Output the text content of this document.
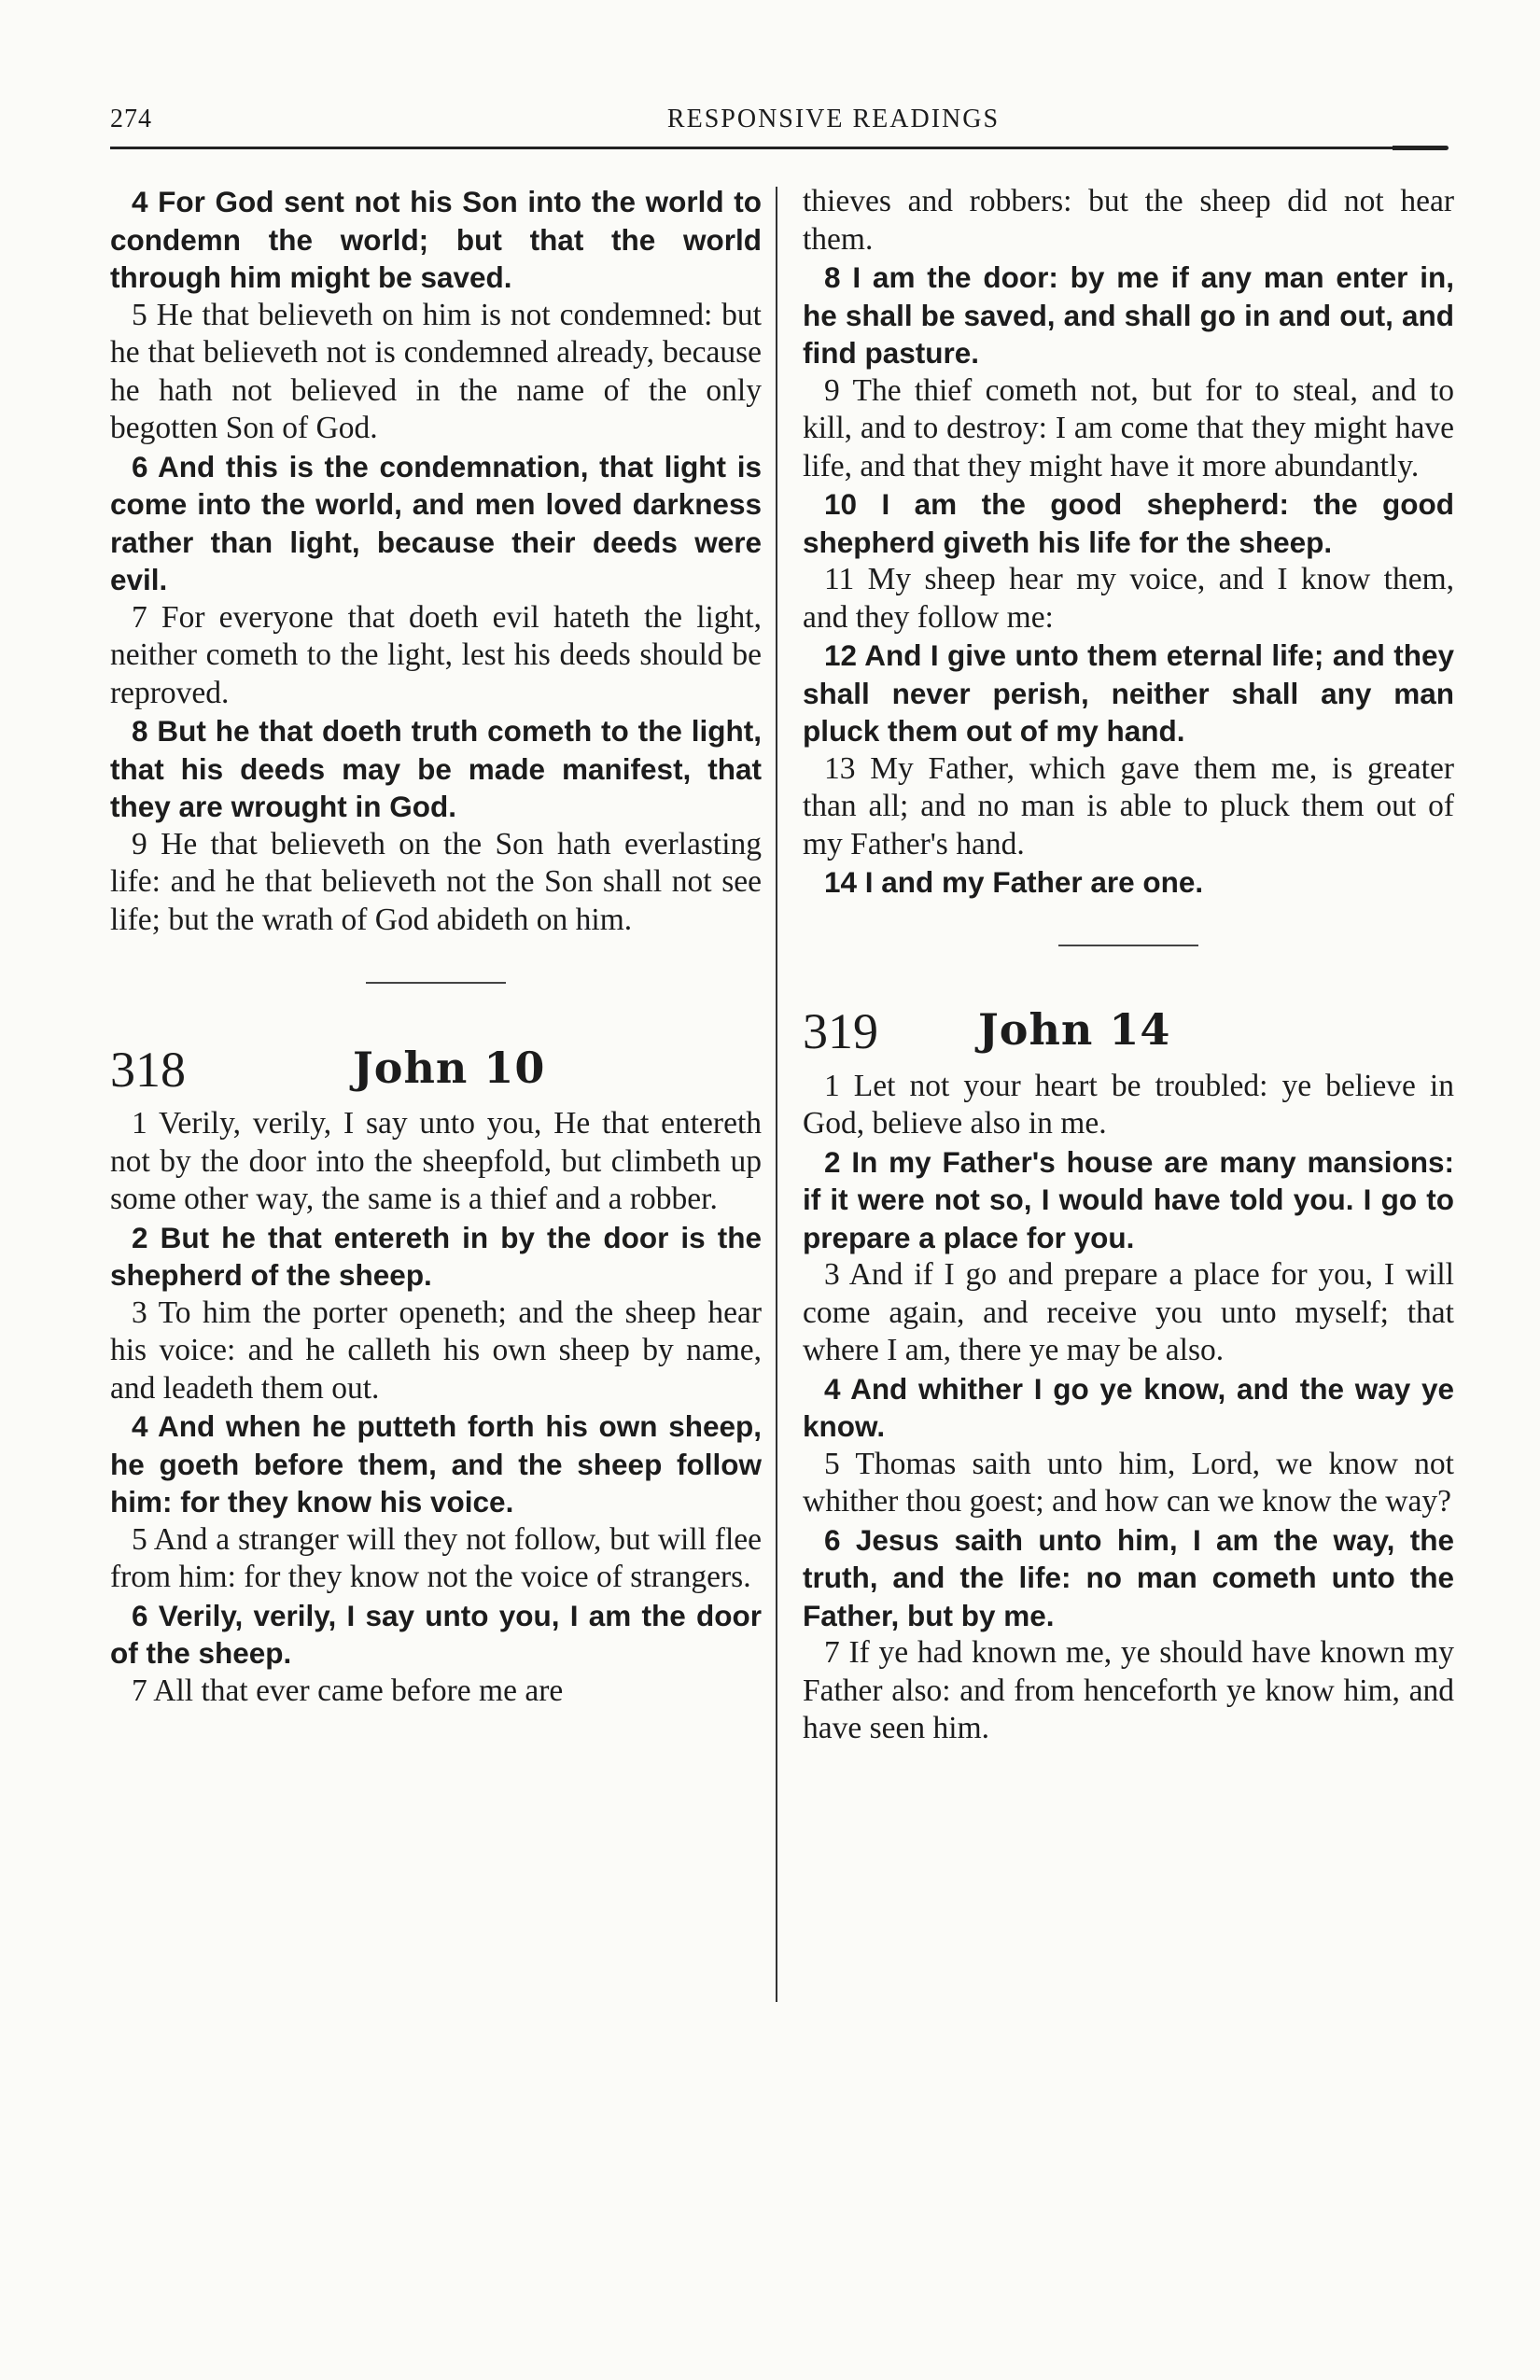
274	RESPONSIVE READINGS

4 For God sent not his Son into the world to condemn the world; but that the world through him might be saved.

5 He that believeth on him is not condemned: but he that believeth not is condemned already, because he hath not believed in the name of the only begotten Son of God.

6 And this is the condemnation, that light is come into the world, and men loved darkness rather than light, because their deeds were evil.

7 For everyone that doeth evil hateth the light, neither cometh to the light, lest his deeds should be reproved.

8 But he that doeth truth cometh to the light, that his deeds may be made manifest, that they are wrought in God.

9 He that believeth on the Son hath everlasting life: and he that believeth not the Son shall not see life; but the wrath of God abideth on him.

318	John 10

1 Verily, verily, I say unto you, He that entereth not by the door into the sheepfold, but climbeth up some other way, the same is a thief and a robber.

2 But he that entereth in by the door is the shepherd of the sheep.

3 To him the porter openeth; and the sheep hear his voice: and he calleth his own sheep by name, and leadeth them out.

4 And when he putteth forth his own sheep, he goeth before them, and the sheep follow him: for they know his voice.

5 And a stranger will they not follow, but will flee from him: for they know not the voice of strangers.

6 Verily, verily, I say unto you, I am the door of the sheep.

7 All that ever came before me are

thieves and robbers: but the sheep did not hear them.

8 I am the door: by me if any man enter in, he shall be saved, and shall go in and out, and find pasture.

9 The thief cometh not, but for to steal, and to kill, and to destroy: I am come that they might have life, and that they might have it more abundantly.

10 I am the good shepherd: the good shepherd giveth his life for the sheep.

11 My sheep hear my voice, and I know them, and they follow me:

12 And I give unto them eternal life; and they shall never perish, neither shall any man pluck them out of my hand.

13 My Father, which gave them me, is greater than all; and no man is able to pluck them out of my Father's hand.

14 I and my Father are one.

319 John 14

1 Let not your heart be troubled: ye believe in God, believe also in me.

2 In my Father's house are many mansions: if it were not so, I would have told you. I go to prepare a place for you.

3 And if I go and prepare a place for you, I will come again, and receive you unto myself; that where I am, there ye may be also.

4 And whither I go ye know, and the way ye know.

5 Thomas saith unto him, Lord, we know not whither thou goest; and how can we know the way?

6 Jesus saith unto him, I am the way, the truth, and the life: no man cometh unto the Father, but by me.

7 If ye had known me, ye should have known my Father also: and from henceforth ye know him, and have seen him.
